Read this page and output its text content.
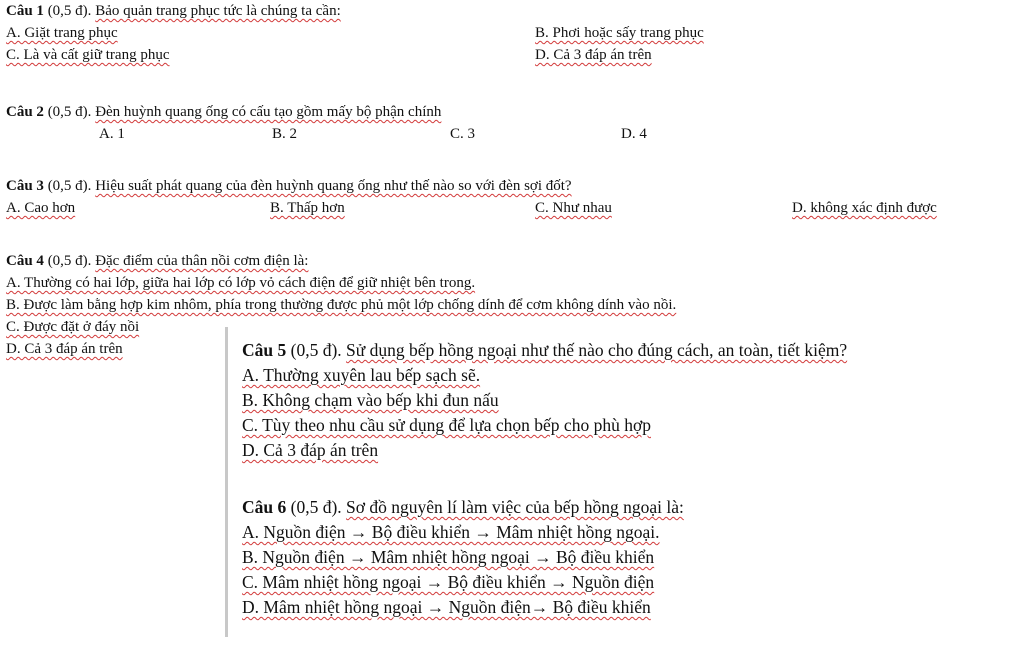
Câu 1 (0,5 đ). Bảo quản trang phục tức là chúng ta cần:
A. Giặt trang phục	B. Phơi hoặc sấy trang phục
C. Là và cất giữ trang phục	D. Cả 3 đáp án trên
Câu 2 (0,5 đ). Đèn huỳnh quang ống có cấu tạo gồm mấy bộ phận chính
A. 1	B. 2	C. 3	D. 4
Câu 3 (0,5 đ). Hiệu suất phát quang của đèn huỳnh quang ống như thế nào so với đèn sợi đốt?
A. Cao hơn	B. Thấp hơn	C. Như nhau	D. không xác định được
Câu 4 (0,5 đ). Đặc điểm của thân nồi cơm điện là:
A. Thường có hai lớp, giữa hai lớp có lớp vỏ cách điện để giữ nhiệt bên trong.
B. Được làm bằng hợp kim nhôm, phía trong thường được phủ một lớp chống dính để cơm không dính vào nồi.
C. Được đặt ở đáy nồi
D. Cả 3 đáp án trên	Câu 5 (0,5 đ). Sử dụng bếp hồng ngoại như thế nào cho đúng cách, an toàn, tiết kiệm?
A. Thường xuyên lau bếp sạch sẽ.
B. Không chạm vào bếp khi đun nấu
C. Tùy theo nhu cầu sử dụng để lựa chọn bếp cho phù hợp
D. Cả 3 đáp án trên
Câu 6 (0,5 đ). Sơ đồ nguyên lí làm việc của bếp hồng ngoại là:
A. Nguồn điện → Bộ điều khiển → Mâm nhiệt hồng ngoại.
B. Nguồn điện → Mâm nhiệt hồng ngoại → Bộ điều khiển
C. Mâm nhiệt hồng ngoại → Bộ điều khiển → Nguồn điện
D. Mâm nhiệt hồng ngoại → Nguồn điện→ Bộ điều khiển
